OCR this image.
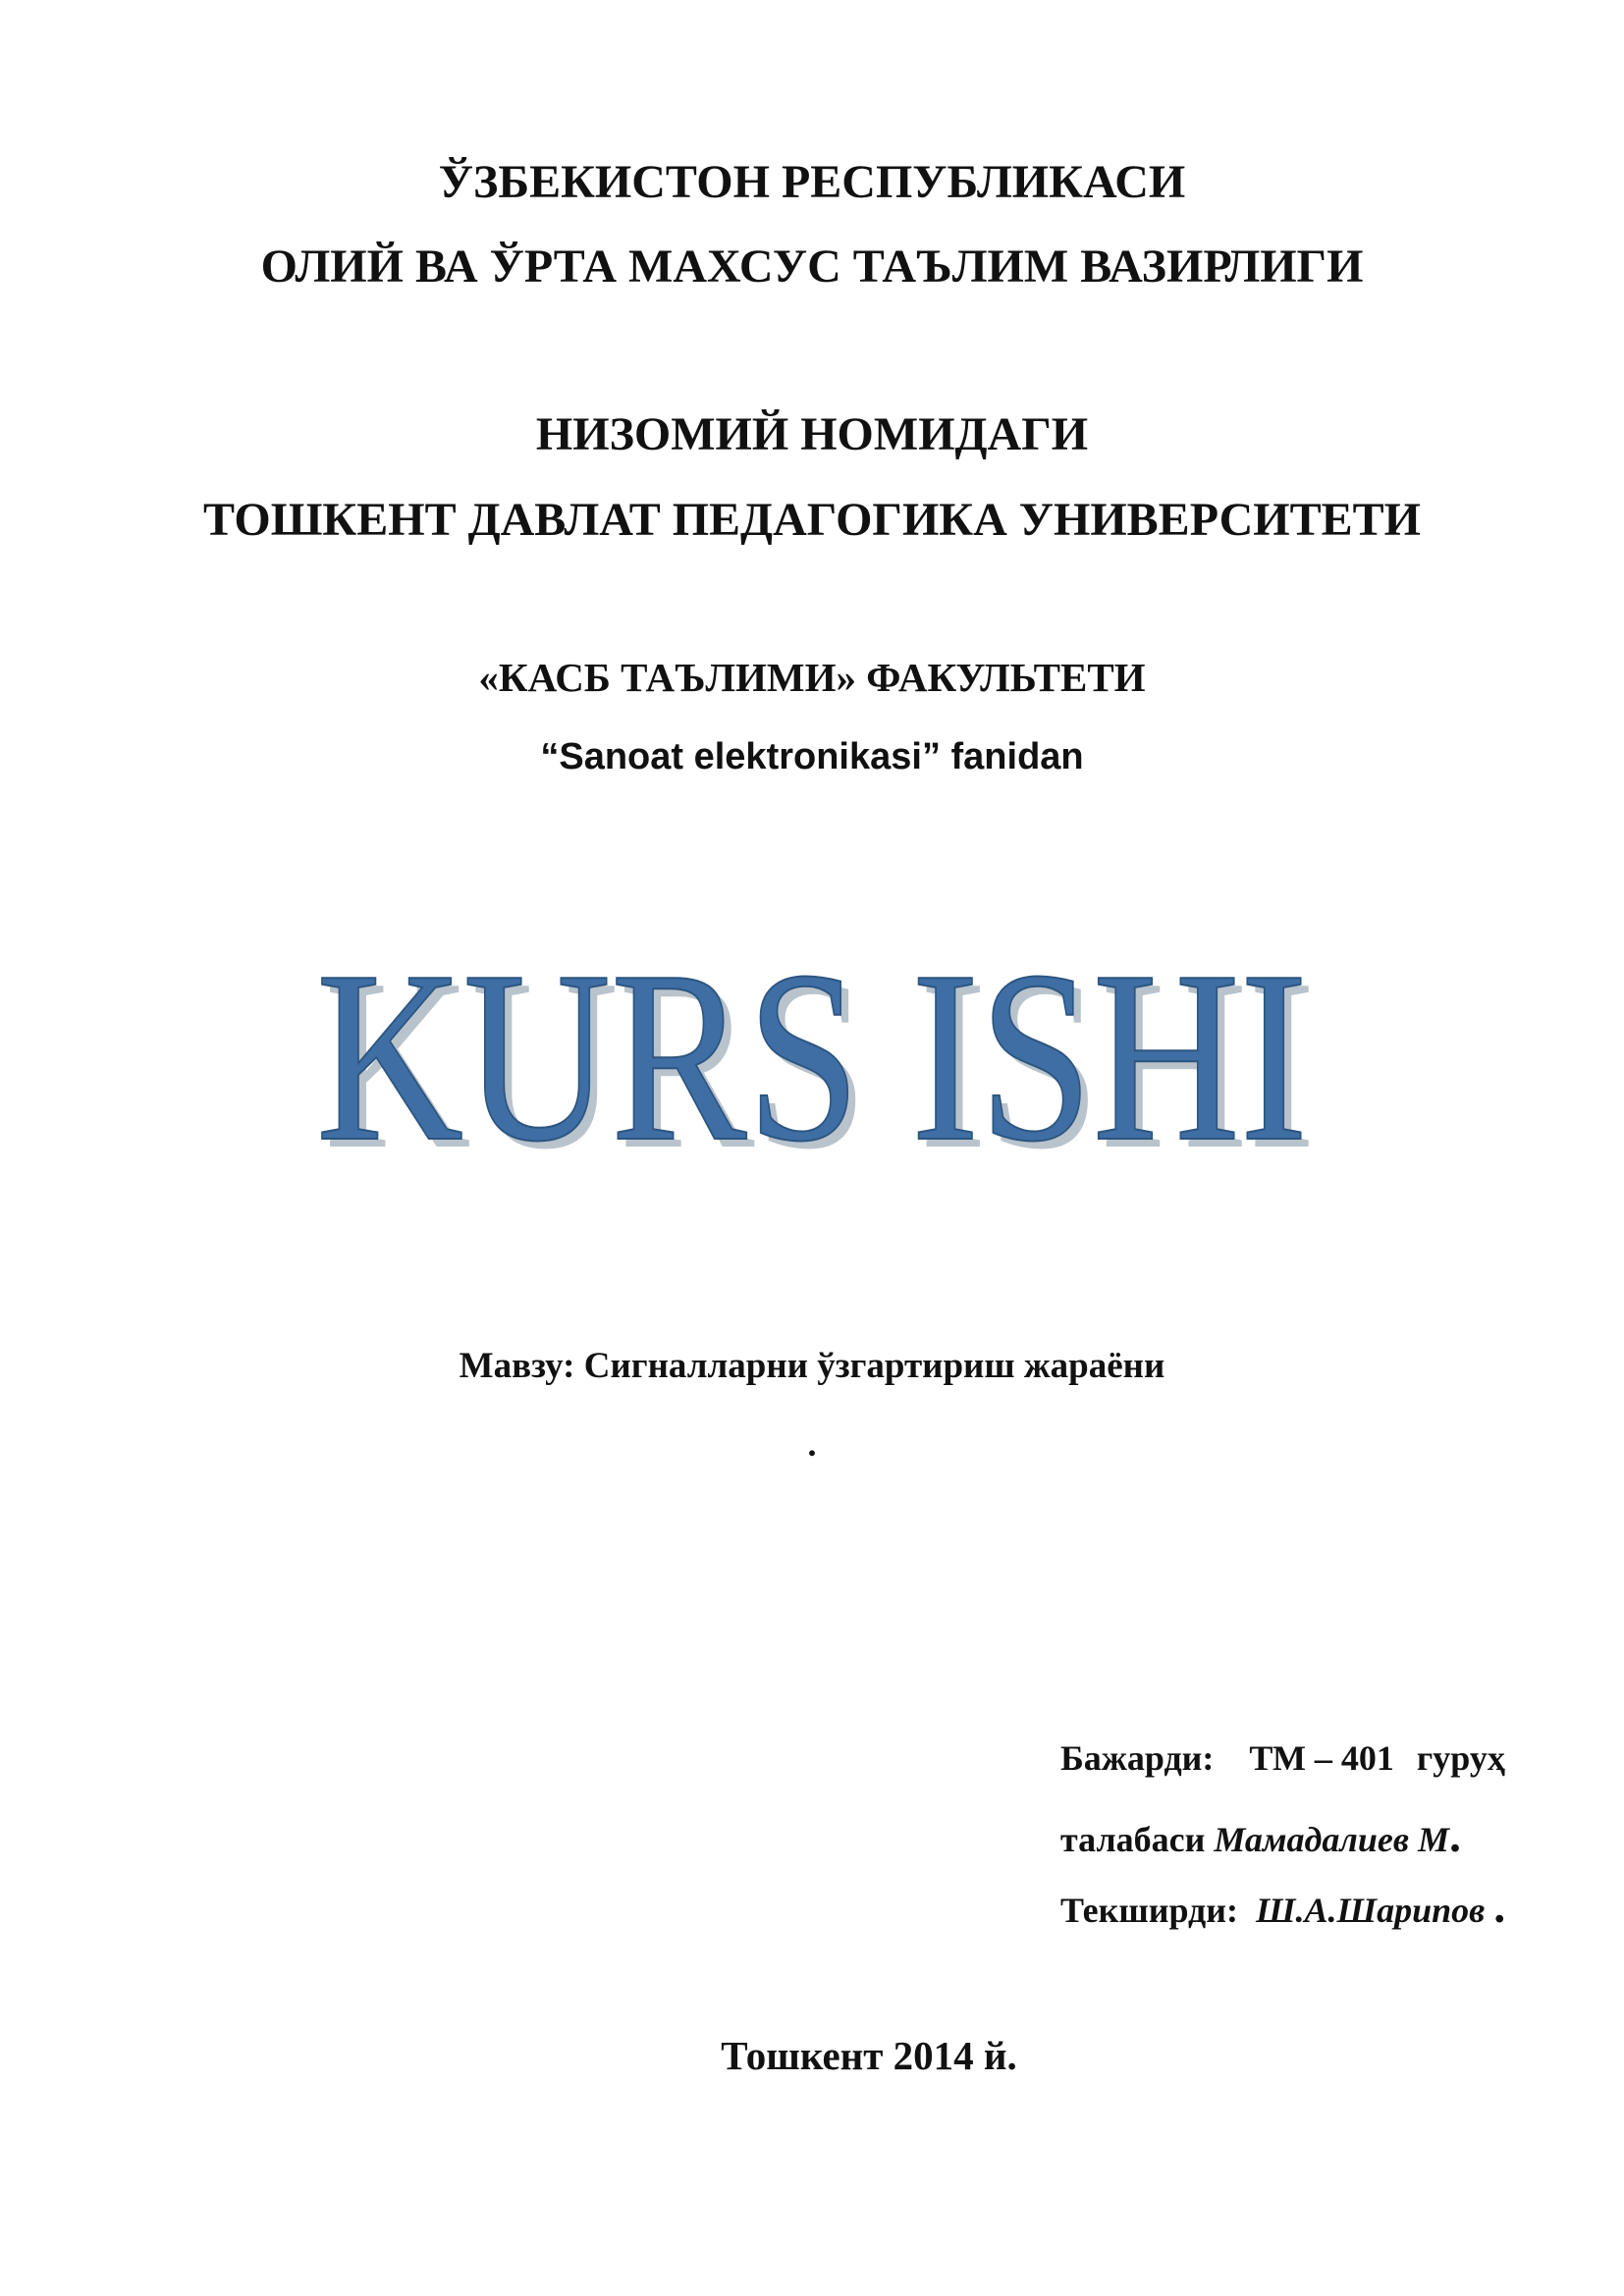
ЎЗБЕКИСТОН РЕСПУБЛИКАСИ
ОЛИЙ ВА ЎРТА МАХСУС ТАЪЛИМ ВАЗИРЛИГИ
НИЗОМИЙ НОМИДАГИ
ТОШКЕНТ ДАВЛАТ ПЕДАГОГИКА УНИВЕРСИТЕТИ
«КАСБ ТАЪЛИМИ» ФАКУЛЬТЕТИ
“Sanoat elektronikasi” fanidan
KURS ISHI
KURS ISHI
Мавзу: Сигналларни ўзгартириш жараёни
.
Бажарди: ТМ – 401 гуруҳ
талабаси Мамадалиев М.
Текширди: Ш.А.Шарипов .
Тошкент 2014 й.
